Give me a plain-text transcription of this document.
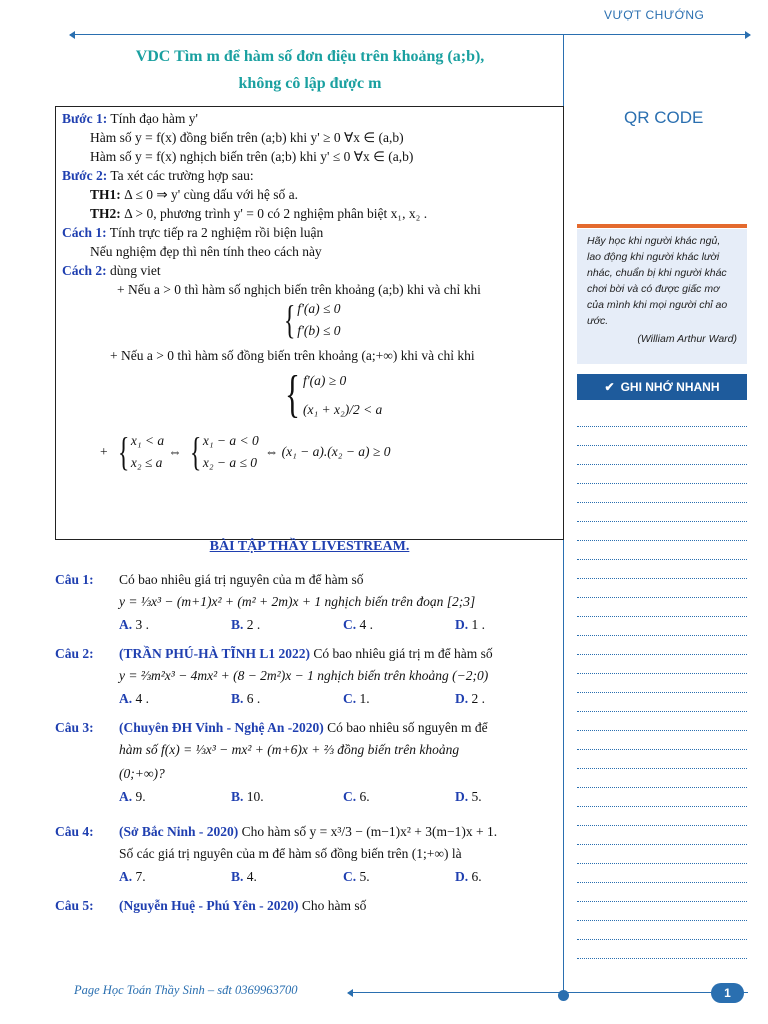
VƯỢT CHƯỚNG
VDC Tìm m để hàm số đơn điệu trên khoảng (a;b),
không cô lập được m
Bước 1: Tính đạo hàm y'
Hàm số y = f(x) đồng biến trên (a;b) khi y' ≥ 0 ∀x ∈ (a,b)
Hàm số y = f(x) nghịch biến trên (a;b) khi y' ≤ 0 ∀x ∈ (a,b)
Bước 2: Ta xét các trường hợp sau:
TH1: Δ ≤ 0 ⇒ y' cùng dấu với hệ số a.
TH2: Δ > 0, phương trình y' = 0 có 2 nghiệm phân biệt x₁, x₂ .
Cách 1: Tính trực tiếp ra 2 nghiệm rồi biện luận
Nếu nghiệm đẹp thì nên tính theo cách này
Cách 2: dùng viet
+ Nếu a > 0 thì hàm số nghịch biến trên khoảng (a;b) khi và chỉ khi
{ f'(a) ≤ 0
f'(b) ≤ 0
+ Nếu a > 0 thì hàm số đồng biến trên khoảng (a;+∞) khi và chỉ khi
{ f'(a) ≥ 0
(x₁ + x₂)/2 < a
+ { x₁ < a
x₂ ≤ a
⇔ { x₁ − a < 0
x₂ − a ≤ 0
⇔ (x₁ − a).(x₂ − a) ≥ 0
BÀI TẬP THẦY LIVESTREAM.
Câu 1:	Có bao nhiêu giá trị nguyên của m để hàm số
y = ⅓x³ − (m+1)x² + (m² + 2m)x + 1 nghịch biến trên đoạn [2;3]
A. 3 .	B. 2 .	C. 4 .	D. 1 .
Câu 2:	(TRẦN PHÚ-HÀ TĨNH L1 2022) Có bao nhiêu giá trị m để hàm số
y = ⅔m²x³ − 4mx² + (8 − 2m²)x − 1 nghịch biến trên khoảng (−2;0)
A. 4 .	B. 6 .	C. 1.	D. 2 .
Câu 3:	(Chuyên ĐH Vinh - Nghệ An -2020) Có bao nhiêu số nguyên m để
hàm số f(x) = ⅓x³ − mx² + (m+6)x + ⅔ đồng biến trên khoảng
(0;+∞)?
A. 9.	B. 10.	C. 6.	D. 5.
Câu 4:	(Sở Bắc Ninh - 2020) Cho hàm số y = x³/3 − (m−1)x² + 3(m−1)x + 1.
Số các giá trị nguyên của m để hàm số đồng biến trên (1;+∞) là
A. 7.	B. 4.	C. 5.	D. 6.
Câu 5:	(Nguyễn Huệ - Phú Yên - 2020) Cho hàm số
QR CODE
Hãy học khi người khác ngủ, lao động khi người khác lười nhác, chuẩn bị khi người khác chơi bời và có được giấc mơ của mình khi mọi người chỉ ao ước.
(William Arthur Ward)
✔ GHI NHỚ NHANH
Page Học Toán Thầy Sinh – sđt 0369963700	1
